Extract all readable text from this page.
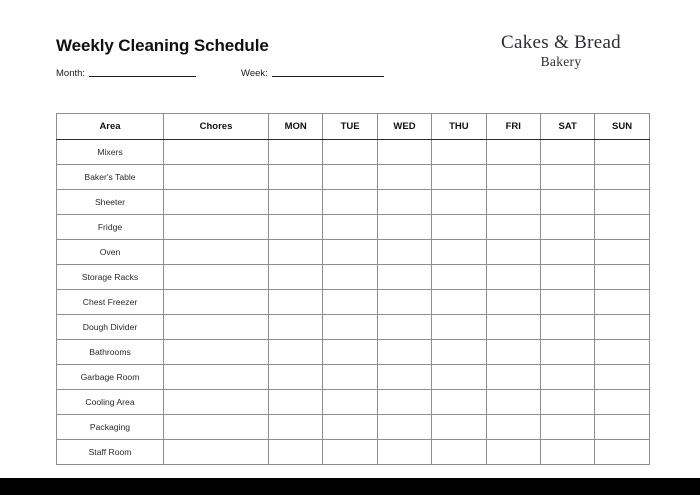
Weekly Cleaning Schedule
Month:	Week:
Cakes & Bread
Bakery
Area	Chores	MON	TUE	WED	THU	FRI	SAT	SUN
Mixers								
Baker's Table								
Sheeter								
Fridge								
Oven								
Storage Racks								
Chest Freezer								
Dough Divider								
Bathrooms								
Garbage Room								
Cooling Area								
Packaging								
Staff Room								
